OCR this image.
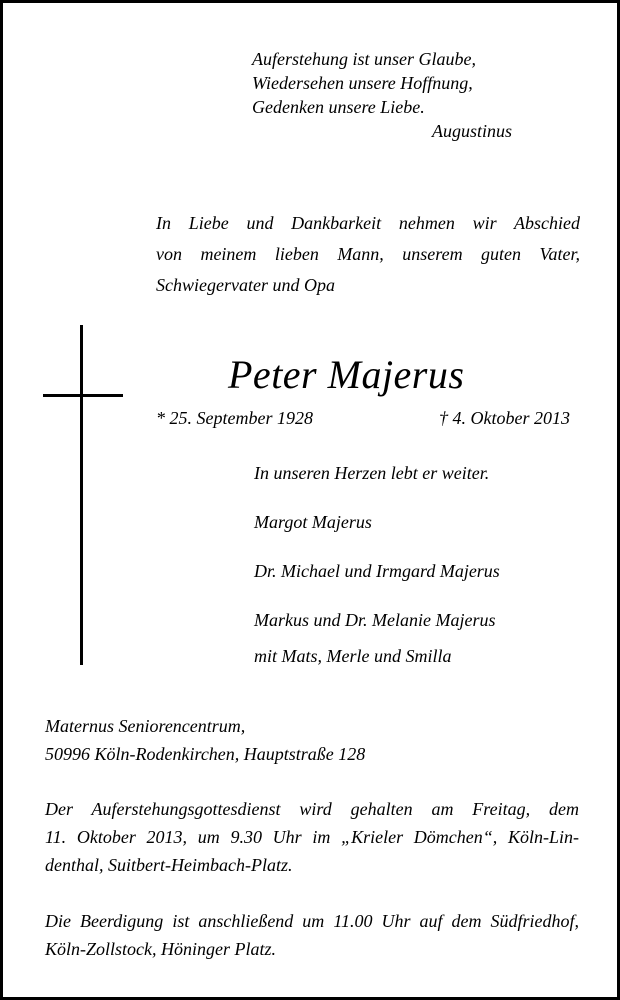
Auferstehung ist unser Glaube,
Wiedersehen unsere Hoffnung,
Gedenken unsere Liebe.
Augustinus
In Liebe und Dankbarkeit nehmen wir Abschied
von meinem lieben Mann, unserem guten Vater,
Schwiegervater und Opa
Peter Majerus
* 25. September 1928	† 4. Oktober 2013
In unseren Herzen lebt er weiter.
Margot Majerus
Dr. Michael und Irmgard Majerus
Markus und Dr. Melanie Majerus
mit Mats, Merle und Smilla
Maternus Seniorencentrum,
50996 Köln-Rodenkirchen, Hauptstraße 128
Der Auferstehungsgottesdienst wird gehalten am Freitag, dem
11. Oktober 2013, um 9.30 Uhr im „Krieler Dömchen“, Köln-Lin-
denthal, Suitbert-Heimbach-Platz.
Die Beerdigung ist anschließend um 11.00 Uhr auf dem Südfriedhof,
Köln-Zollstock, Höninger Platz.
